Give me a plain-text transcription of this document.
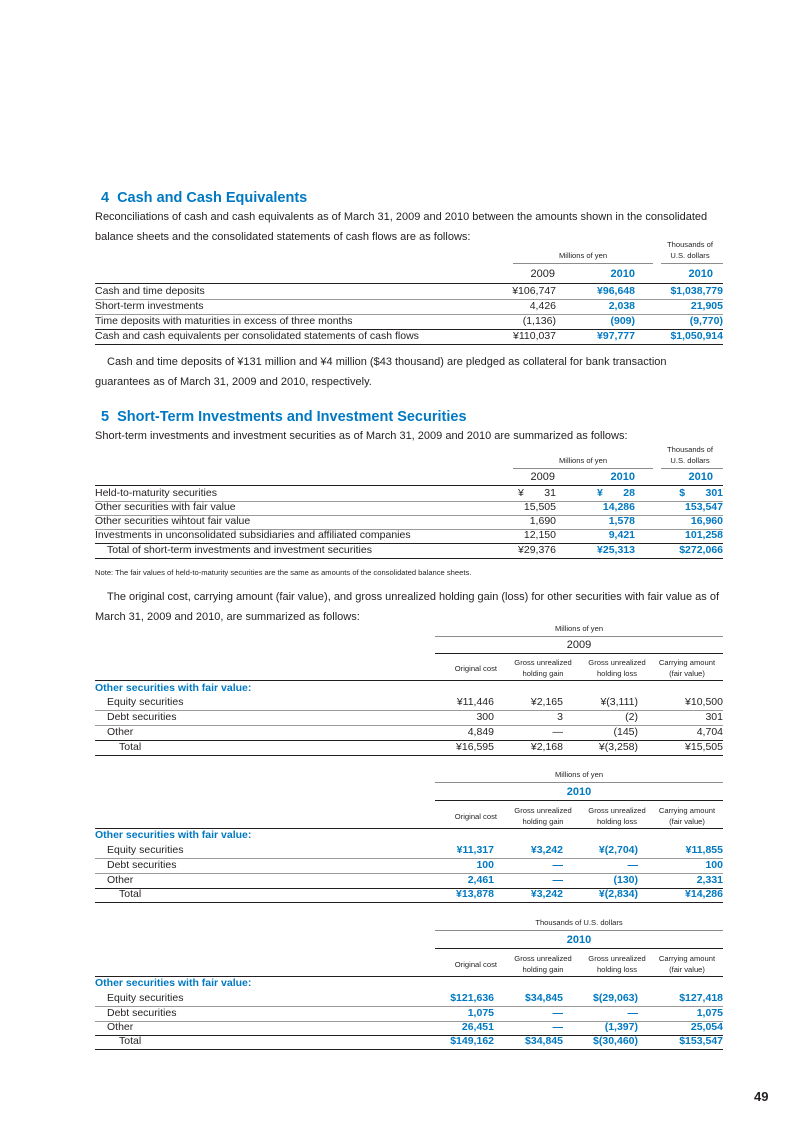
4 Cash and Cash Equivalents
Reconciliations of cash and cash equivalents as of March 31, 2009 and 2010 between the amounts shown in the consolidated balance sheets and the consolidated statements of cash flows are as follows:
Millions of yen
Thousands of
U.S. dollars
2009	2010	2010
Cash and time deposits	¥106,747	¥96,648	$1,038,779
Short-term investments	4,426	2,038	21,905
Time deposits with maturities in excess of three months	(1,136)	(909)	(9,770)
Cash and cash equivalents per consolidated statements of cash flows	¥110,037	¥97,777	$1,050,914
Cash and time deposits of ¥131 million and ¥4 million ($43 thousand) are pledged as collateral for bank transaction guarantees as of March 31, 2009 and 2010, respectively.
5 Short-Term Investments and Investment Securities
Short-term investments and investment securities as of March 31, 2009 and 2010 are summarized as follows:
Millions of yen
Thousands of
U.S. dollars
2009	2010	2010
Held-to-maturity securities	¥       31	¥       28	$       301
Other securities with fair value	15,505	14,286	153,547
Other securities wihtout fair value	1,690	1,578	16,960
Investments in unconsolidated subsidiaries and affiliated companies	12,150	9,421	101,258
Total of short-term investments and investment securities	¥29,376	¥25,313	$272,066
Note: The fair values of held-to-maturity securities are the same as amounts of the consolidated balance sheets.
The original cost, carrying amount (fair value), and gross unrealized holding gain (loss) for other securities with fair value as of March 31, 2009 and 2010, are summarized as follows:
Millions of yen
2009
Original cost
Gross unrealized
holding gain
Gross unrealized
holding loss
Carrying amount
(fair value)
Other securities with fair value:
Equity securities	¥11,446	¥2,165	¥(3,111)	¥10,500
Debt securities	300	3	(2)	301
Other	4,849	—	(145)	4,704
Total	¥16,595	¥2,168	¥(3,258)	¥15,505
Millions of yen
2010
Original cost
Gross unrealized
holding gain
Gross unrealized
holding loss
Carrying amount
(fair value)
Other securities with fair value:
Equity securities	¥11,317	¥3,242	¥(2,704)	¥11,855
Debt securities	100	—	—	100
Other	2,461	—	(130)	2,331
Total	¥13,878	¥3,242	¥(2,834)	¥14,286
Thousands of U.S. dollars
2010
Original cost
Gross unrealized
holding gain
Gross unrealized
holding loss
Carrying amount
(fair value)
Other securities with fair value:
Equity securities	$121,636	$34,845	$(29,063)	$127,418
Debt securities	1,075	—	—	1,075
Other	26,451	—	(1,397)	25,054
Total	$149,162	$34,845	$(30,460)	$153,547
49
